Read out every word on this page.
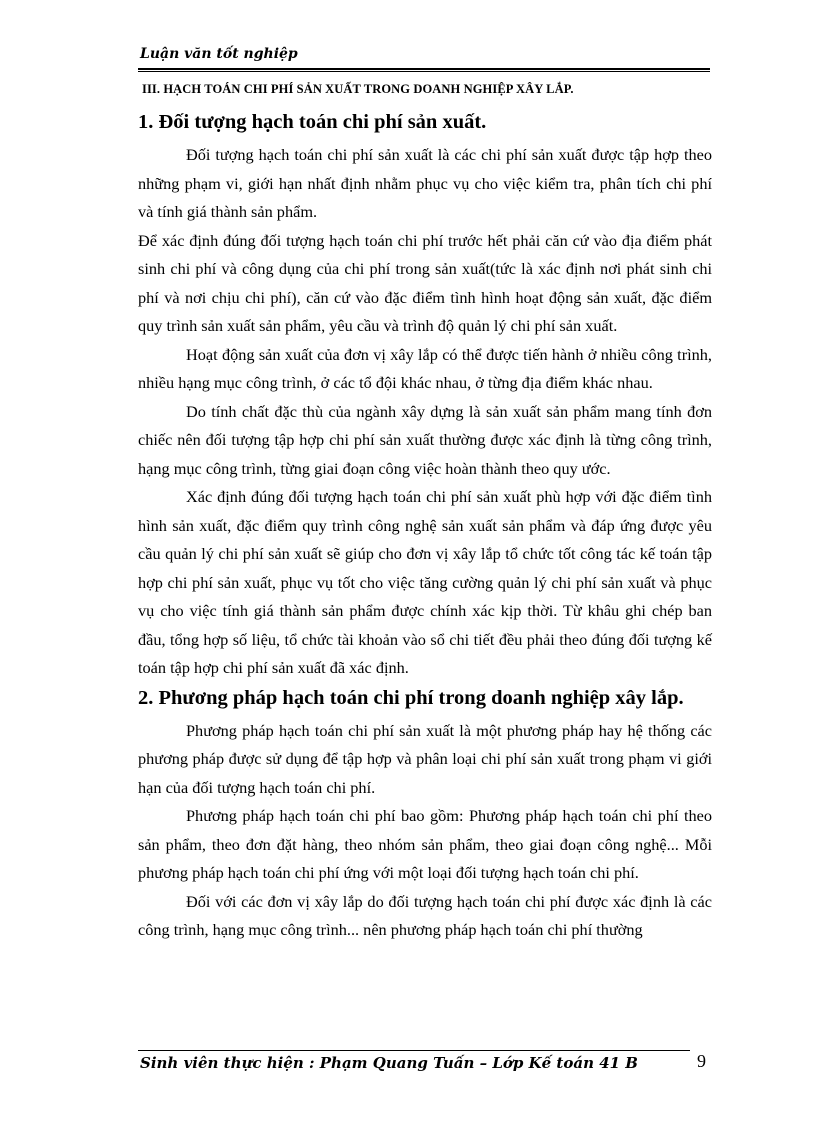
Luận văn tốt nghiệp
III. HẠCH TOÁN CHI PHÍ SẢN XUẤT TRONG DOANH NGHIỆP XÂY LẮP.
1. Đối tượng hạch toán chi phí sản xuất.

Đối tượng hạch toán chi phí sản xuất là các chi phí sản xuất được tập hợp theo những phạm vi, giới hạn nhất định nhằm phục vụ cho việc kiểm tra, phân tích chi phí và tính giá thành sản phẩm.

Để xác định đúng đối tượng hạch toán chi phí trước hết phải căn cứ vào địa điểm phát sinh chi phí và công dụng của chi phí trong sản xuất(tức là xác định nơi phát sinh chi phí và nơi chịu chi phí), căn cứ vào đặc điểm tình hình hoạt động sản xuất, đặc điểm quy trình sản xuất sản phẩm, yêu cầu và trình độ quản lý chi phí sản xuất.

Hoạt động sản xuất của đơn vị xây lắp có thể được tiến hành ở nhiều công trình, nhiều hạng mục công trình, ở các tổ đội khác nhau, ở từng địa điểm khác nhau.

Do tính chất đặc thù của ngành xây dựng là sản xuất sản phẩm mang tính đơn chiếc nên đối tượng tập hợp chi phí sản xuất thường được xác định là từng công trình, hạng mục công trình, từng giai đoạn công việc hoàn thành theo quy ước.

Xác định đúng đối tượng hạch toán chi phí sản xuất phù hợp với đặc điểm tình hình sản xuất, đặc điểm quy trình công nghệ sản xuất sản phẩm và đáp ứng được yêu cầu quản lý chi phí sản xuất sẽ giúp cho đơn vị xây lắp tổ chức tốt công tác kế toán tập hợp chi phí sản xuất, phục vụ tốt cho việc tăng cường quản lý chi phí sản xuất và phục vụ cho việc tính giá thành sản phẩm được chính xác kịp thời. Từ khâu ghi chép ban đầu, tổng hợp số liệu, tổ chức tài khoản vào sổ chi tiết đều phải theo đúng đối tượng kế toán tập hợp chi phí sản xuất đã xác định.

2. Phương pháp hạch toán chi phí trong doanh nghiệp xây lắp.

Phương pháp hạch toán chi phí sản xuất là một phương pháp hay hệ thống các phương pháp được sử dụng để tập hợp và phân loại chi phí sản xuất trong phạm vi giới hạn của đối tượng hạch toán chi phí.

Phương pháp hạch toán chi phí bao gồm: Phương pháp hạch toán chi phí theo sản phẩm, theo đơn đặt hàng, theo nhóm sản phẩm, theo giai đoạn công nghệ... Mỗi phương pháp hạch toán chi phí ứng với một loại đối tượng hạch toán chi phí.

Đối với các đơn vị xây lắp do đối tượng hạch toán chi phí được xác định là các công trình, hạng mục công trình... nên phương pháp hạch toán chi phí thường

Sinh viên thực hiện : Phạm Quang Tuấn – Lớp Kế toán 41 B	9
